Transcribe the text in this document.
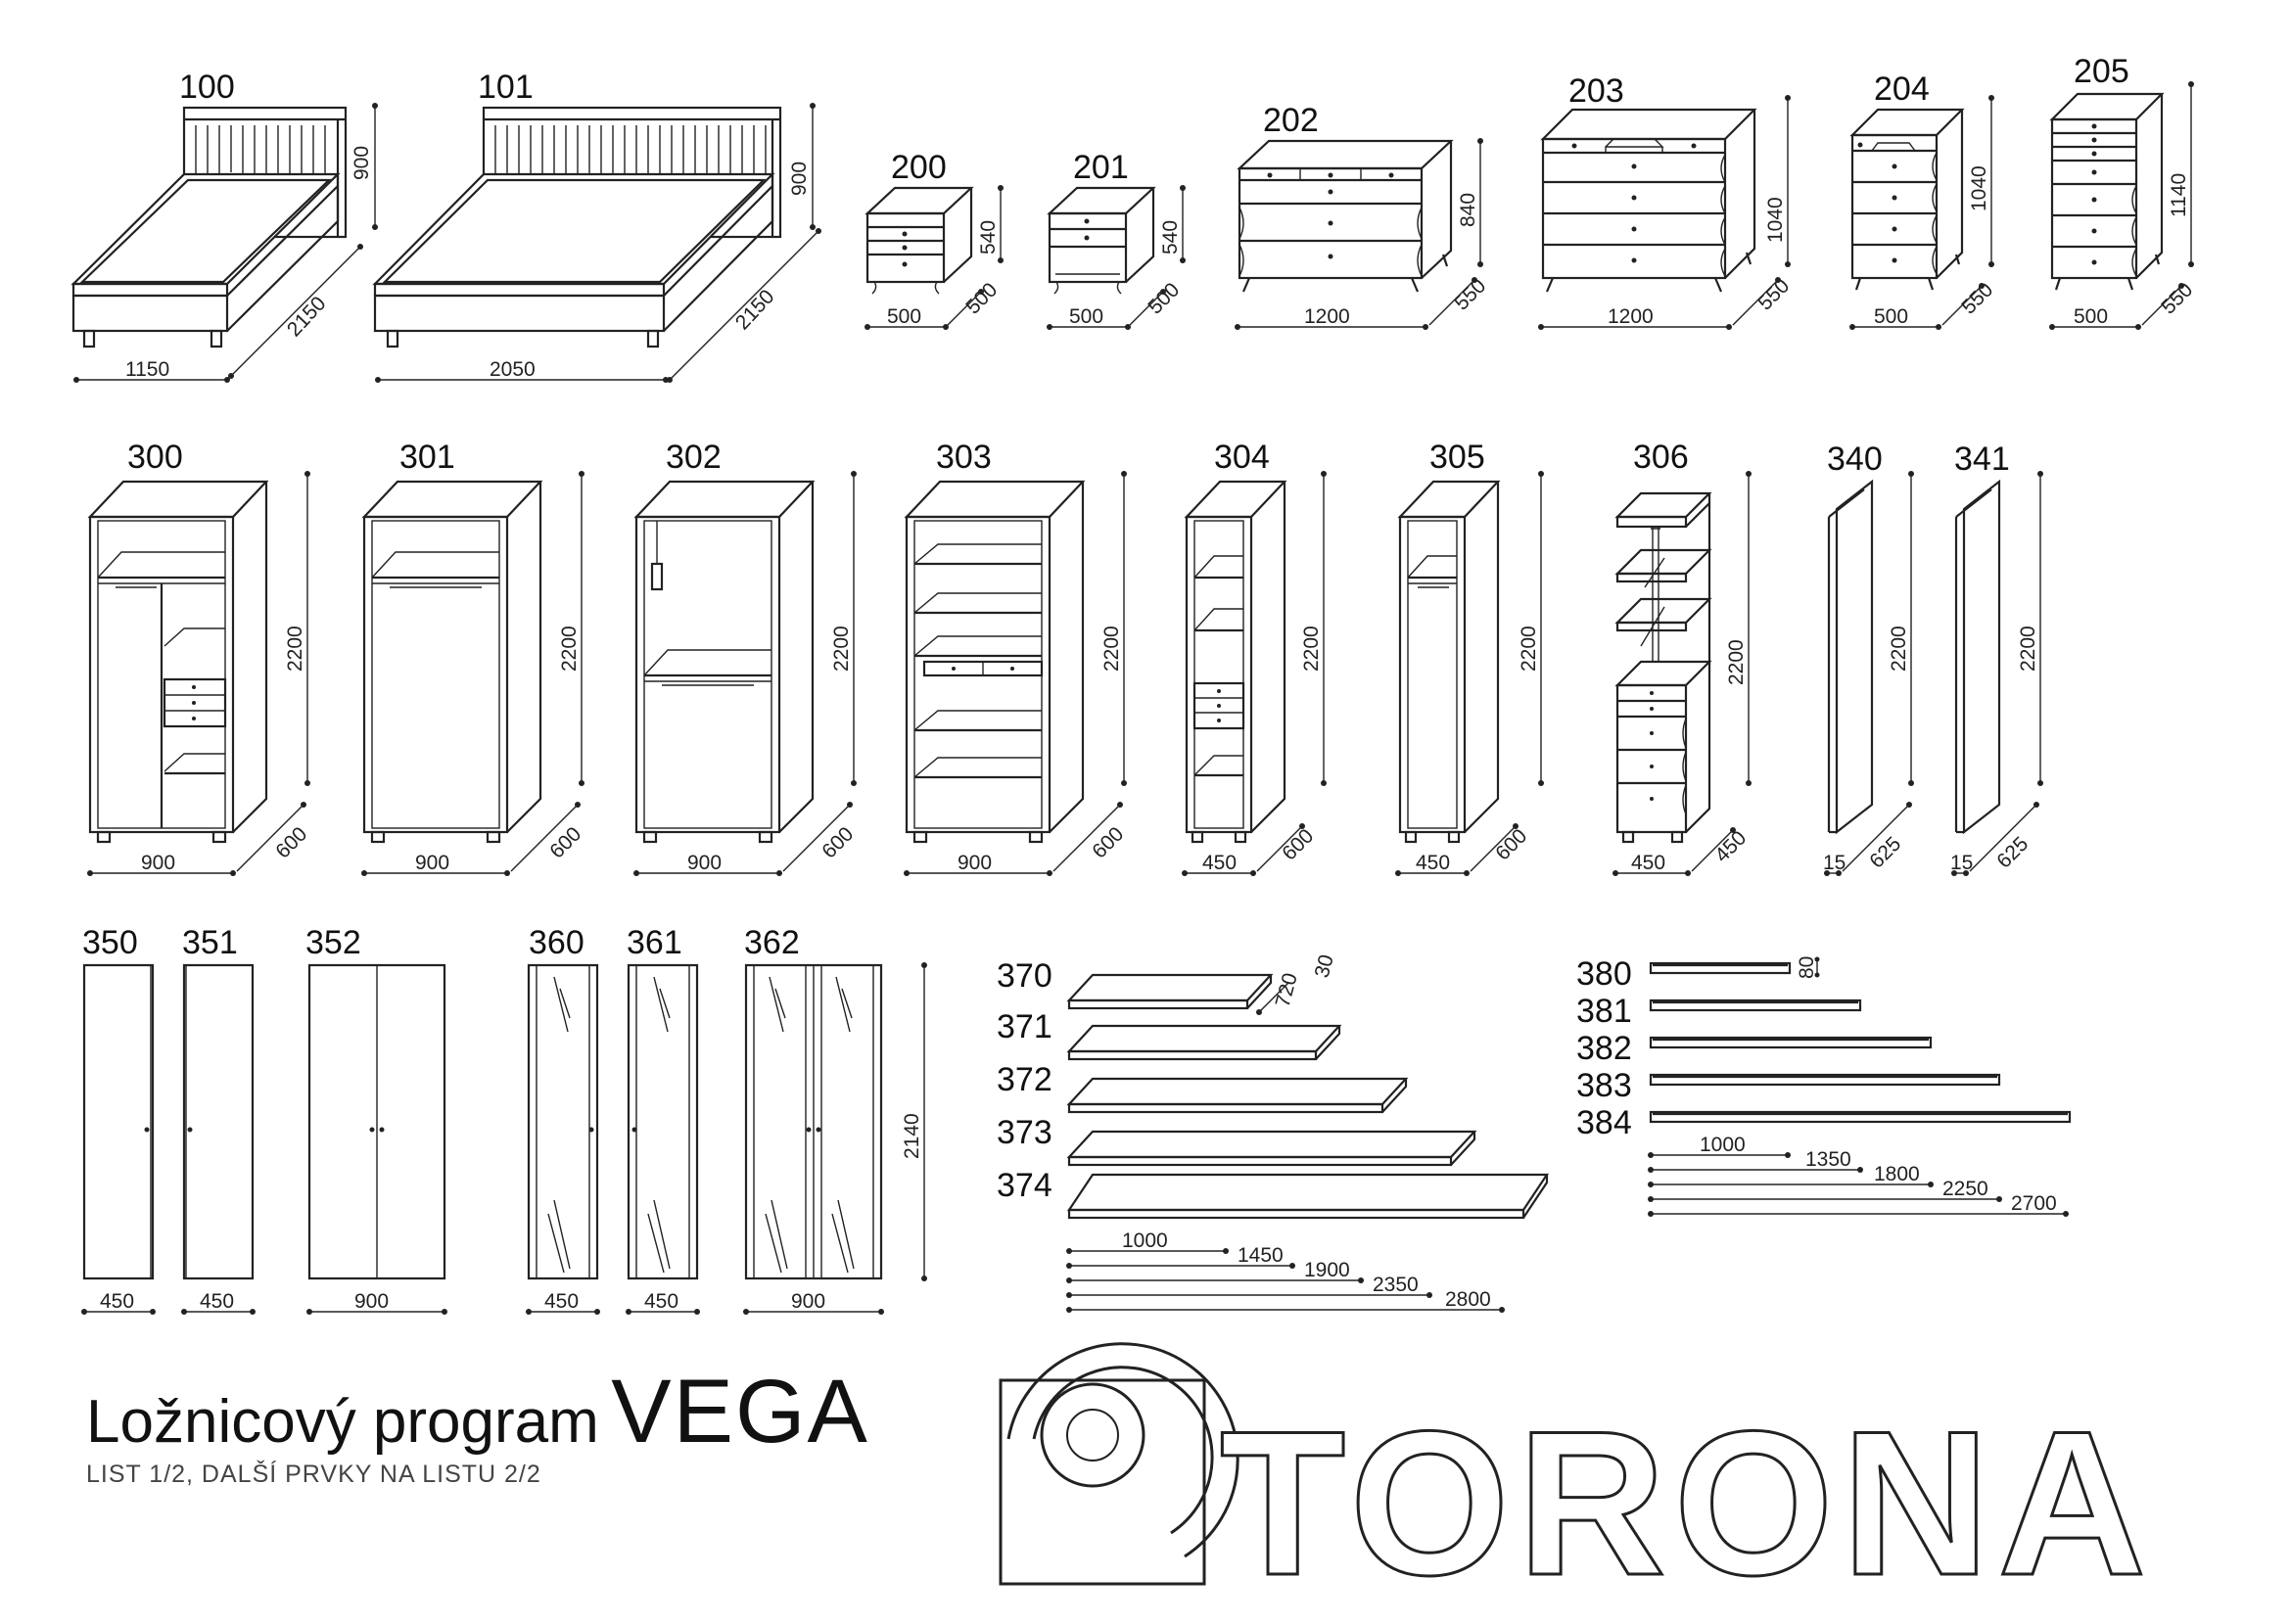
100
1150
2150
900
101
2050
2150
900 200
500 500
540
201
500 500
540
202
1200
550
840
203
1200
550
1040
204
500 550
1040
205
500 550
1140
300
900	600
2200
301
900	600
2200
302
900	600
2200
303
900	600
2200
304
450 600
2200
305
450 600
2200
306
450 450
2200
340
15 625
2200
341
15 625
2200
350
450
351
450
352
900
360
450
361
450
362
900
2140
370
371
372
373
374
720
30
1000
1450
1900
2350
2800
380	80
381
382
383
384
1000
1350
1800
2250
2700
TORONA
Ložnicový program VEGA
LIST 1/2, DALŠÍ PRVKY NA LISTU 2/2
